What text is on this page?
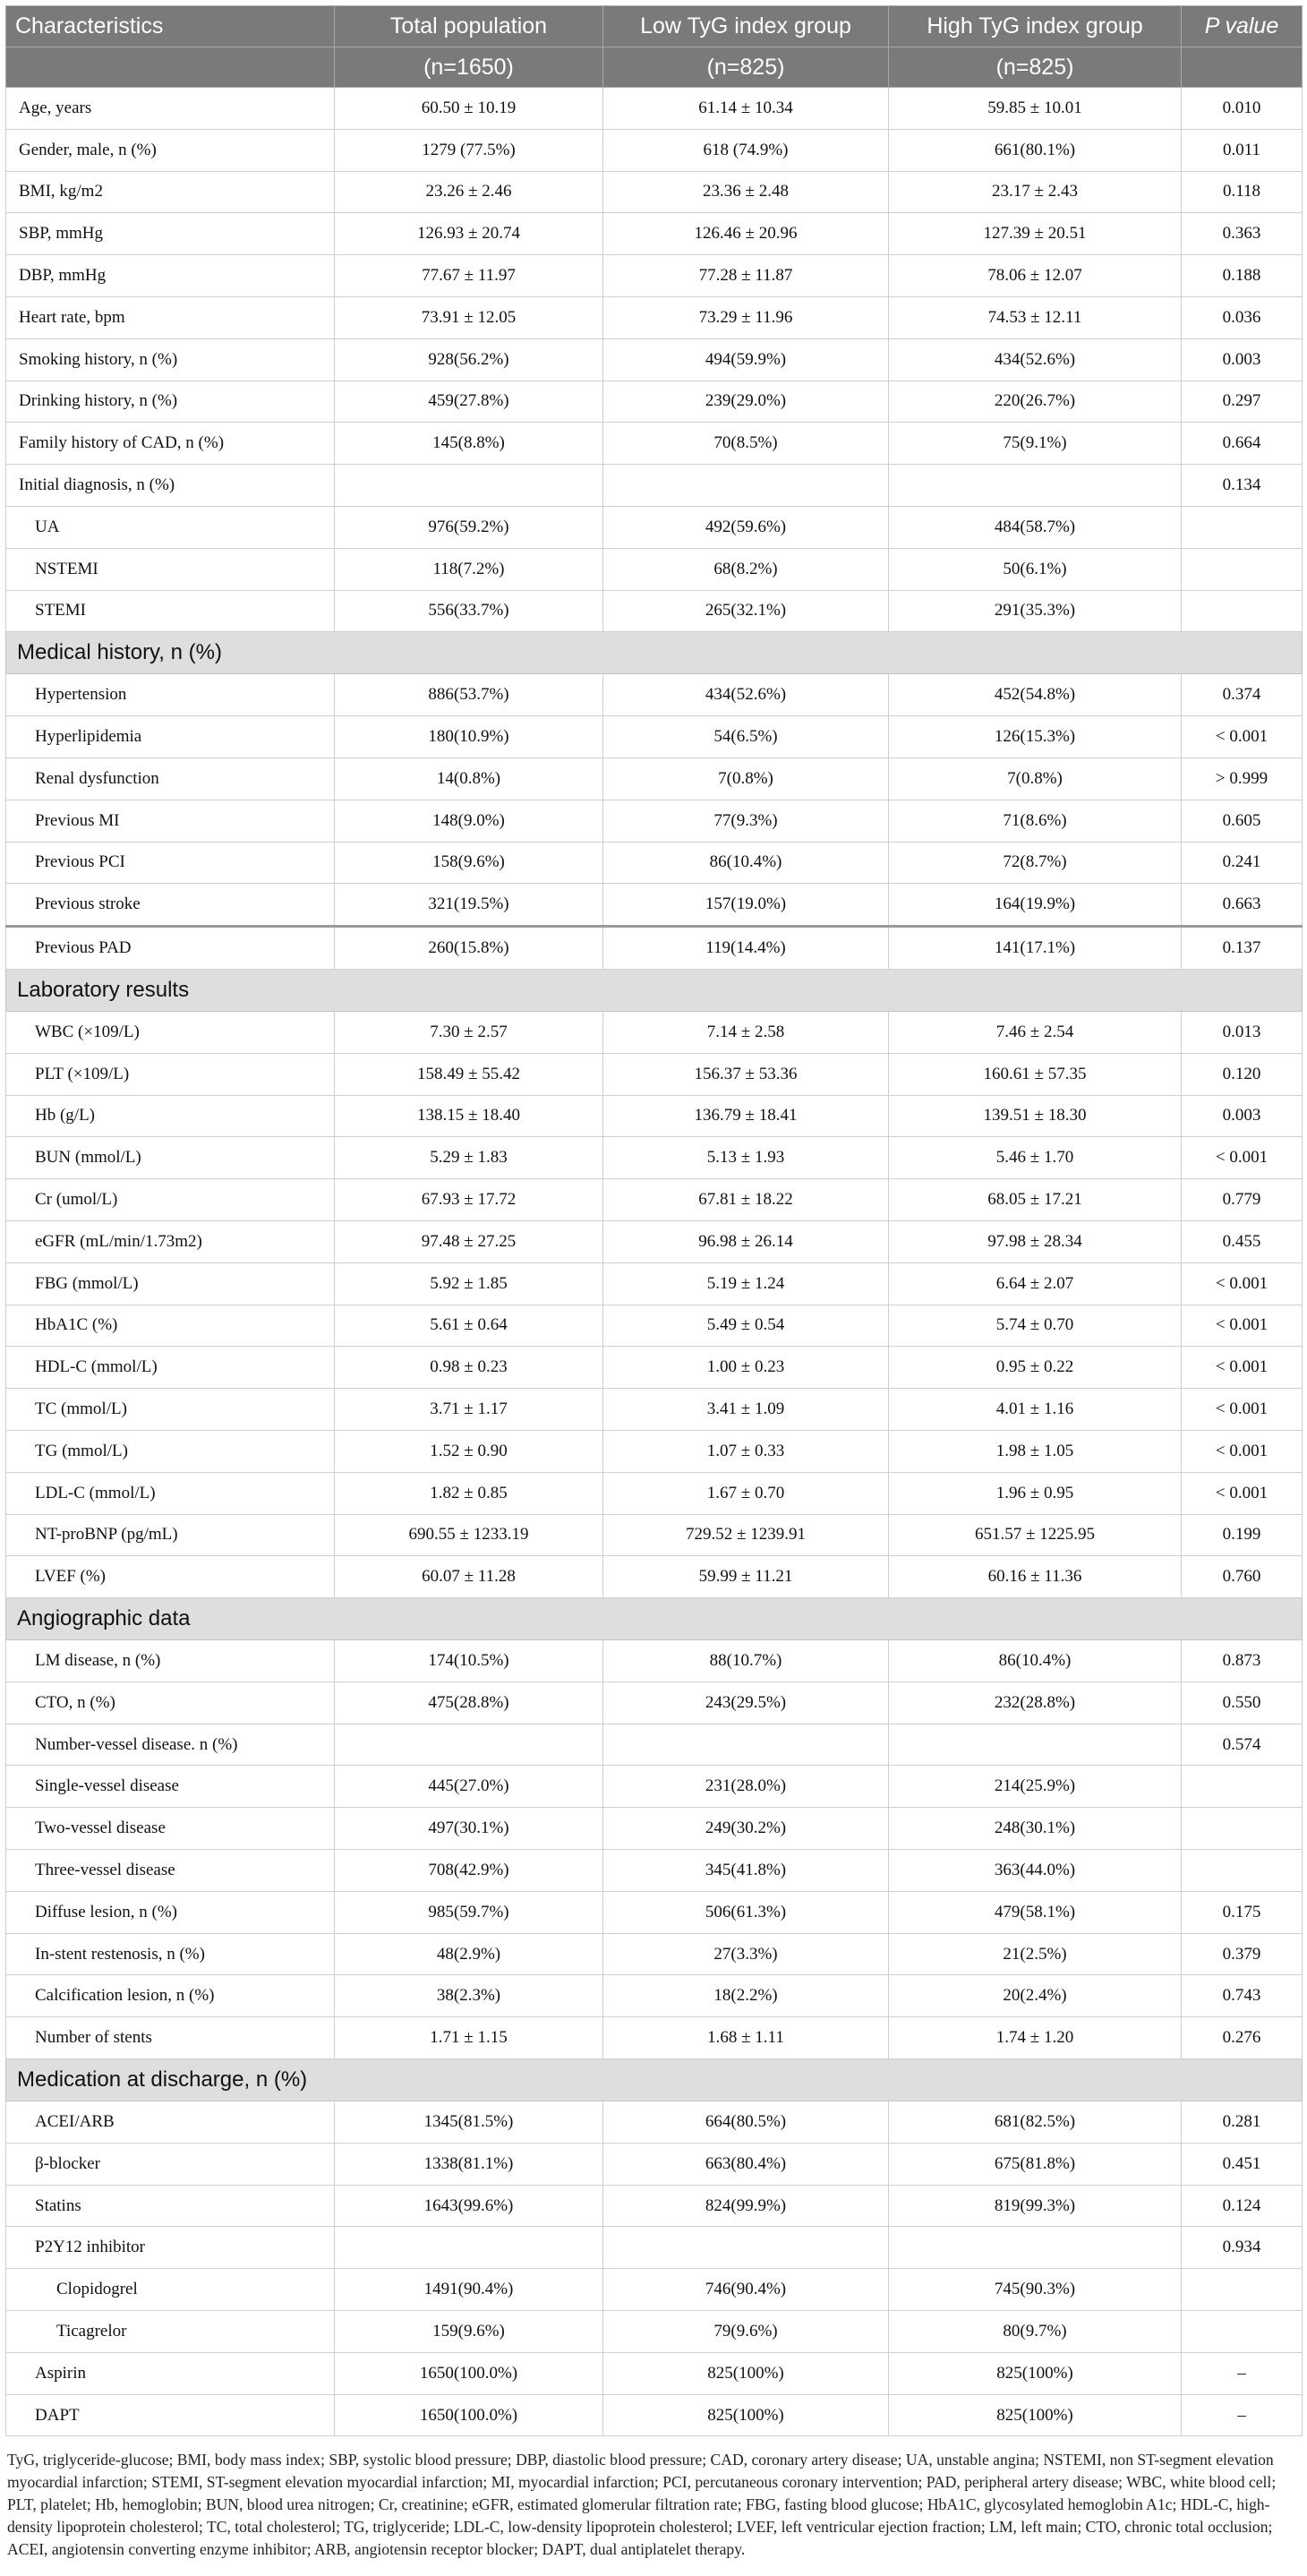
Characteristics	Total population	Low TyG index group	High TyG index group	P value
	(n=1650)	(n=825)	(n=825)	
Age, years	60.50 ± 10.19	61.14 ± 10.34	59.85 ± 10.01	0.010
Gender, male, n (%)	1279 (77.5%)	618 (74.9%)	661(80.1%)	0.011
BMI, kg/m2	23.26 ± 2.46	23.36 ± 2.48	23.17 ± 2.43	0.118
SBP, mmHg	126.93 ± 20.74	126.46 ± 20.96	127.39 ± 20.51	0.363
DBP, mmHg	77.67 ± 11.97	77.28 ± 11.87	78.06 ± 12.07	0.188
Heart rate, bpm	73.91 ± 12.05	73.29 ± 11.96	74.53 ± 12.11	0.036
Smoking history, n (%)	928(56.2%)	494(59.9%)	434(52.6%)	0.003
Drinking history, n (%)	459(27.8%)	239(29.0%)	220(26.7%)	0.297
Family history of CAD, n (%)	145(8.8%)	70(8.5%)	75(9.1%)	0.664
Initial diagnosis, n (%)				0.134
UA	976(59.2%)	492(59.6%)	484(58.7%)	
NSTEMI	118(7.2%)	68(8.2%)	50(6.1%)	
STEMI	556(33.7%)	265(32.1%)	291(35.3%)	
Medical history, n (%)				
Hypertension	886(53.7%)	434(52.6%)	452(54.8%)	0.374
Hyperlipidemia	180(10.9%)	54(6.5%)	126(15.3%)	< 0.001
Renal dysfunction	14(0.8%)	7(0.8%)	7(0.8%)	> 0.999
Previous MI	148(9.0%)	77(9.3%)	71(8.6%)	0.605
Previous PCI	158(9.6%)	86(10.4%)	72(8.7%)	0.241
Previous stroke	321(19.5%)	157(19.0%)	164(19.9%)	0.663
Previous PAD	260(15.8%)	119(14.4%)	141(17.1%)	0.137
Laboratory results				
WBC (×109/L)	7.30 ± 2.57	7.14 ± 2.58	7.46 ± 2.54	0.013
PLT (×109/L)	158.49 ± 55.42	156.37 ± 53.36	160.61 ± 57.35	0.120
Hb (g/L)	138.15 ± 18.40	136.79 ± 18.41	139.51 ± 18.30	0.003
BUN (mmol/L)	5.29 ± 1.83	5.13 ± 1.93	5.46 ± 1.70	< 0.001
Cr (umol/L)	67.93 ± 17.72	67.81 ± 18.22	68.05 ± 17.21	0.779
eGFR (mL/min/1.73m2)	97.48 ± 27.25	96.98 ± 26.14	97.98 ± 28.34	0.455
FBG (mmol/L)	5.92 ± 1.85	5.19 ± 1.24	6.64 ± 2.07	< 0.001
HbA1C (%)	5.61 ± 0.64	5.49 ± 0.54	5.74 ± 0.70	< 0.001
HDL-C (mmol/L)	0.98 ± 0.23	1.00 ± 0.23	0.95 ± 0.22	< 0.001
TC (mmol/L)	3.71 ± 1.17	3.41 ± 1.09	4.01 ± 1.16	< 0.001
TG (mmol/L)	1.52 ± 0.90	1.07 ± 0.33	1.98 ± 1.05	< 0.001
LDL-C (mmol/L)	1.82 ± 0.85	1.67 ± 0.70	1.96 ± 0.95	< 0.001
NT-proBNP (pg/mL)	690.55 ± 1233.19	729.52 ± 1239.91	651.57 ± 1225.95	0.199
LVEF (%)	60.07 ± 11.28	59.99 ± 11.21	60.16 ± 11.36	0.760
Angiographic data				
LM disease, n (%)	174(10.5%)	88(10.7%)	86(10.4%)	0.873
CTO, n (%)	475(28.8%)	243(29.5%)	232(28.8%)	0.550
Number-vessel disease. n (%)				0.574
Single-vessel disease	445(27.0%)	231(28.0%)	214(25.9%)	
Two-vessel disease	497(30.1%)	249(30.2%)	248(30.1%)	
Three-vessel disease	708(42.9%)	345(41.8%)	363(44.0%)	
Diffuse lesion, n (%)	985(59.7%)	506(61.3%)	479(58.1%)	0.175
In-stent restenosis, n (%)	48(2.9%)	27(3.3%)	21(2.5%)	0.379
Calcification lesion, n (%)	38(2.3%)	18(2.2%)	20(2.4%)	0.743
Number of stents	1.71 ± 1.15	1.68 ± 1.11	1.74 ± 1.20	0.276
Medication at discharge, n (%)				
ACEI/ARB	1345(81.5%)	664(80.5%)	681(82.5%)	0.281
β-blocker	1338(81.1%)	663(80.4%)	675(81.8%)	0.451
Statins	1643(99.6%)	824(99.9%)	819(99.3%)	0.124
P2Y12 inhibitor				0.934
Clopidogrel	1491(90.4%)	746(90.4%)	745(90.3%)	
Ticagrelor	159(9.6%)	79(9.6%)	80(9.7%)	
Aspirin	1650(100.0%)	825(100%)	825(100%)	–
DAPT	1650(100.0%)	825(100%)	825(100%)	–
TyG, triglyceride-glucose; BMI, body mass index; SBP, systolic blood pressure; DBP, diastolic blood pressure; CAD, coronary artery disease; UA, unstable angina; NSTEMI, non ST-segment elevation myocardial infarction; STEMI, ST-segment elevation myocardial infarction; MI, myocardial infarction; PCI, percutaneous coronary intervention; PAD, peripheral artery disease; WBC, white blood cell; PLT, platelet; Hb, hemoglobin; BUN, blood urea nitrogen; Cr, creatinine; eGFR, estimated glomerular filtration rate; FBG, fasting blood glucose; HbA1C, glycosylated hemoglobin A1c; HDL-C, high-density lipoprotein cholesterol; TC, total cholesterol; TG, triglyceride; LDL-C, low-density lipoprotein cholesterol; LVEF, left ventricular ejection fraction; LM, left main; CTO, chronic total occlusion; ACEI, angiotensin converting enzyme inhibitor; ARB, angiotensin receptor blocker; DAPT, dual antiplatelet therapy.
